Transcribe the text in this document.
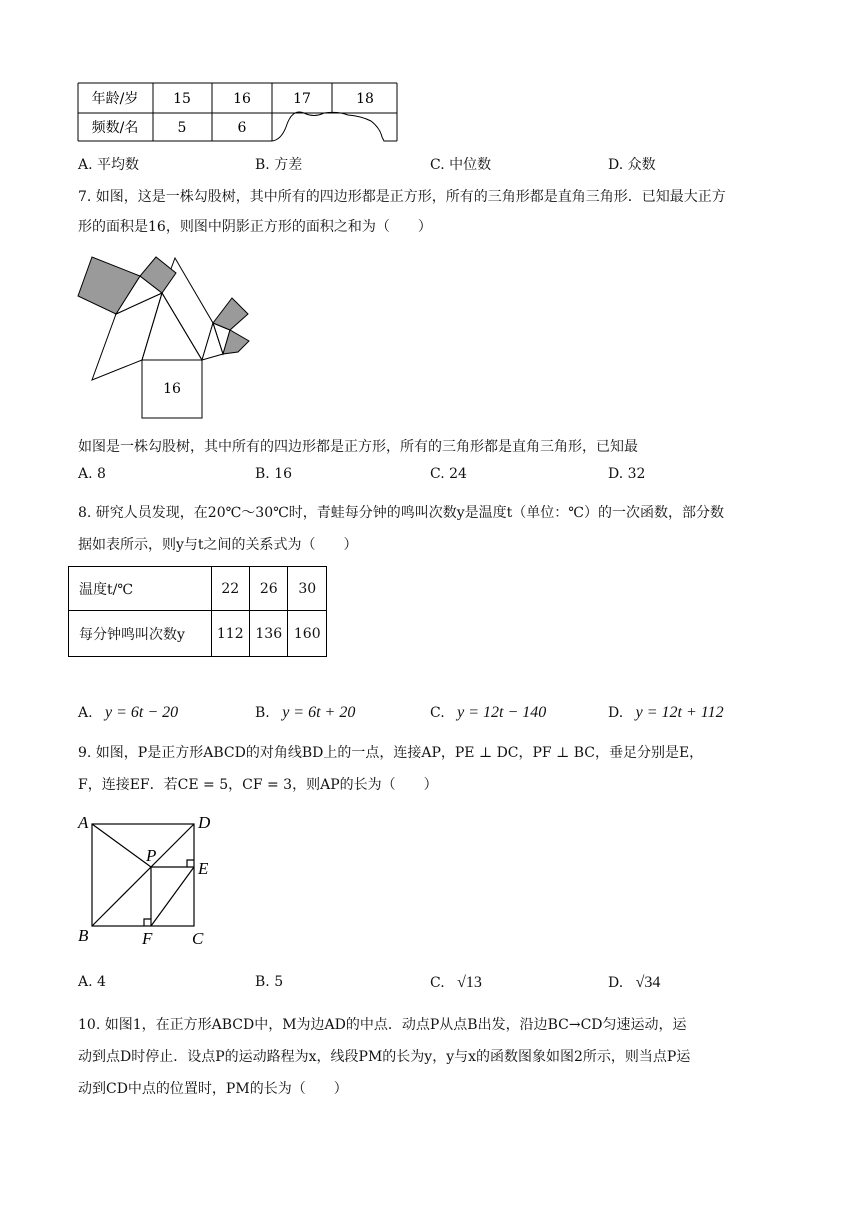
年龄/岁 15	16	17	18
频数/名	5	6
A. 平均数	B. 方差	C. 中位数	D. 众数
7. 如图，这是一株勾股树，其中所有的四边形都是正方形，所有的三角形都是直角三角形．已知最大正方
形的面积是16，则图中阴影正方形的面积之和为（　　）
16
如图是一株勾股树，其中所有的四边形都是正方形，所有的三角形都是直角三角形，已知最
A. 8	B. 16	C. 24	D. 32
8. 研究人员发现，在20℃～30℃时，青蛙每分钟的鸣叫次数y是温度t（单位：℃）的一次函数，部分数
据如表所示，则y与t之间的关系式为（　　）
温度t/℃	22	26	30
每分钟鸣叫次数y	112	136	160
A. y = 6t − 20	B. y = 6t + 20	C. y = 12t − 140	D. y = 12t + 112
9. 如图，P是正方形ABCD的对角线BD上的一点，连接AP，PE ⊥ DC，PF ⊥ BC，垂足分别是E，
F，连接EF．若CE = 5，CF = 3，则AP的长为（　　）
A	D
P
E
B	F C
A. 4	B. 5	C. √13	D. √34
10. 如图1，在正方形ABCD中，M为边AD的中点．动点P从点B出发，沿边BC→CD匀速运动，运
动到点D时停止．设点P的运动路程为x，线段PM的长为y，y与x的函数图象如图2所示，则当点P运
动到CD中点的位置时，PM的长为（　　）
